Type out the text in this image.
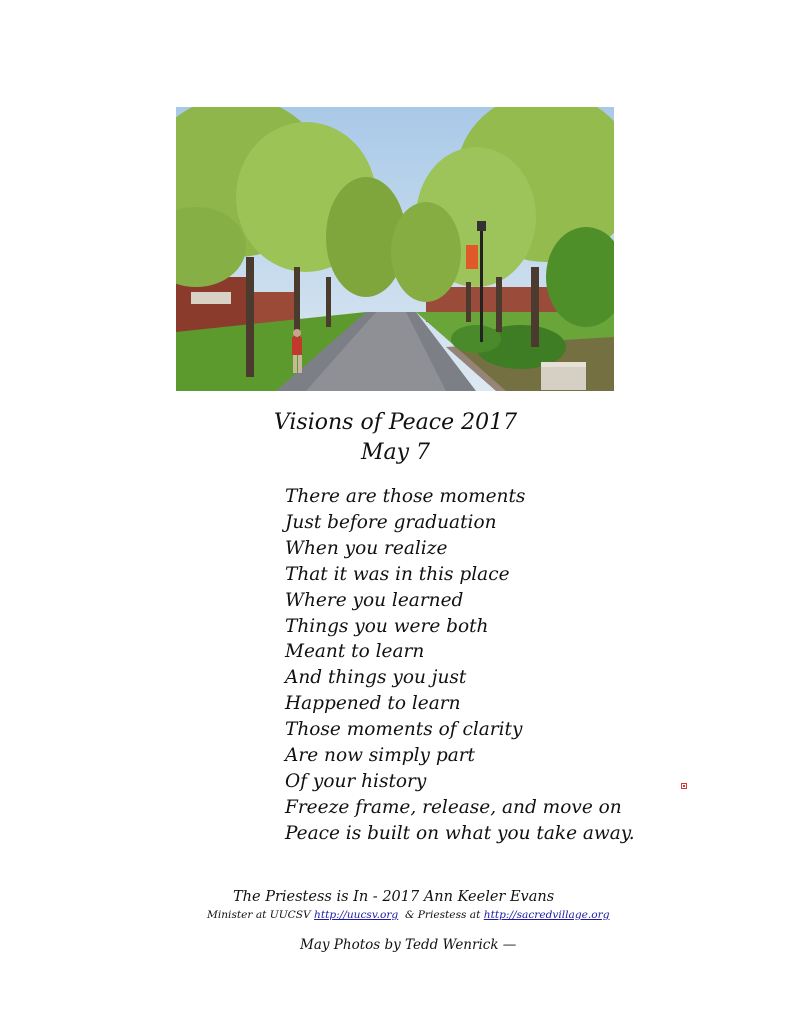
Visions of Peace 2017
May 7
There are those moments
Just before graduation
When you realize
That it was in this place
Where you learned
Things you were both
Meant to learn
And things you just
Happened to learn
Those moments of clarity
Are now simply part
Of your history
Freeze frame, release, and move on
Peace is built on what you take away.
The Priestess is In - 2017 Ann Keeler Evans
Minister at UUCSV http://uucsv.org & Priestess at http://sacredvillage.org
May Photos by Tedd Wenrick —
